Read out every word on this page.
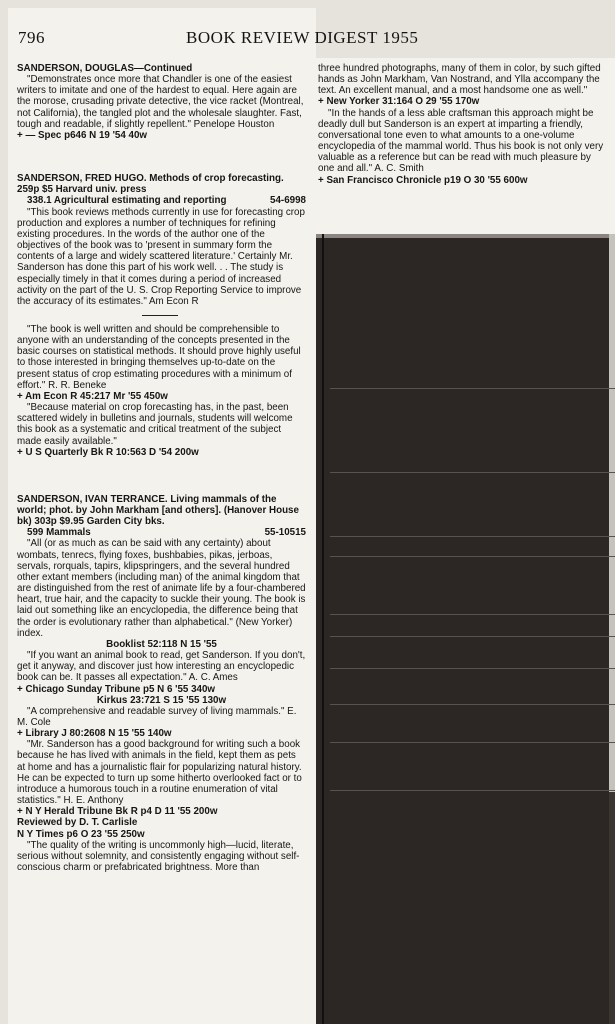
796	BOOK REVIEW DIGEST 1955

SANDERSON, DOUGLAS—Continued

"Demonstrates once more that Chandler is one of the easiest writers to imitate and one of the hardest to equal. Here again are the morose, crusading private detective, the vice racket (Montreal, not California), the tangled plot and the wholesale slaughter. Fast, tough and readable, if slightly repellent." Penelope Houston

+ — Spec p646 N 19 '54 40w

SANDERSON, FRED HUGO. Methods of crop forecasting. 259p $5 Harvard univ. press

338.1 Agricultural estimating and reporting	54-6998

"This book reviews methods currently in use for forecasting crop production and explores a number of techniques for refining existing procedures. In the words of the author one of the objectives of the book was to 'present in summary form the contents of a large and widely scattered literature.' Certainly Mr. Sanderson has done this part of his work well. . . The study is especially timely in that it comes during a period of increased activity on the part of the U. S. Crop Reporting Service to improve the accuracy of its estimates." Am Econ R

"The book is well written and should be comprehensible to anyone with an understanding of the concepts presented in the basic courses on statistical methods. It should prove highly useful to those interested in bringing themselves up-to-date on the present status of crop estimating procedures with a minimum of effort." R. R. Beneke

+ Am Econ R 45:217 Mr '55 450w

"Because material on crop forecasting has, in the past, been scattered widely in bulletins and journals, students will welcome this book as a systematic and critical treatment of the subject made easily available."

+ U S Quarterly Bk R 10:563 D '54 200w

SANDERSON, IVAN TERRANCE. Living mammals of the world; phot. by John Markham [and others]. (Hanover House bk) 303p $9.95 Garden City bks.

599 Mammals	55-10515

"All (or as much as can be said with any certainty) about wombats, tenrecs, flying foxes, bushbabies, pikas, jerboas, servals, rorquals, tapirs, klipspringers, and the several hundred other extant members (including man) of the animal kingdom that are distinguished from the rest of animate life by a four-chambered heart, true hair, and the capacity to suckle their young. The book is laid out something like an encyclopedia, the difference being that the order is evolutionary rather than alphabetical." (New Yorker) index.

Booklist 52:118 N 15 '55

"If you want an animal book to read, get Sanderson. If you don't, get it anyway, and discover just how interesting an encyclopedic book can be. It passes all expectation." A. C. Ames

+ Chicago Sunday Tribune p5 N 6 '55 340w

Kirkus 23:721 S 15 '55 130w

"A comprehensive and readable survey of living mammals." E. M. Cole

+ Library J 80:2608 N 15 '55 140w

"Mr. Sanderson has a good background for writing such a book because he has lived with animals in the field, kept them as pets at home and has a journalistic flair for popularizing natural history. He can be expected to turn up some hitherto overlooked fact or to introduce a humorous touch in a routine enumeration of vital statistics." H. E. Anthony

+ N Y Herald Tribune Bk R p4 D 11 '55 200w

Reviewed by D. T. Carlisle

N Y Times p6 O 23 '55 250w

"The quality of the writing is uncommonly high—lucid, literate, serious without solemnity, and consistently engaging without self-conscious charm or prefabricated brightness. More than

three hundred photographs, many of them in color, by such gifted hands as John Markham, Van Nostrand, and Ylla accompany the text. An excellent manual, and a most handsome one as well."

+ New Yorker 31:164 O 29 '55 170w

"In the hands of a less able craftsman this approach might be deadly dull but Sanderson is an expert at imparting a friendly, conversational tone even to what amounts to a one-volume encyclopedia of the mammal world. Thus his book is not only very valuable as a reference but can be read with much pleasure by one and all." A. C. Smith

+ San Francisco Chronicle p19 O 30 '55 600w
